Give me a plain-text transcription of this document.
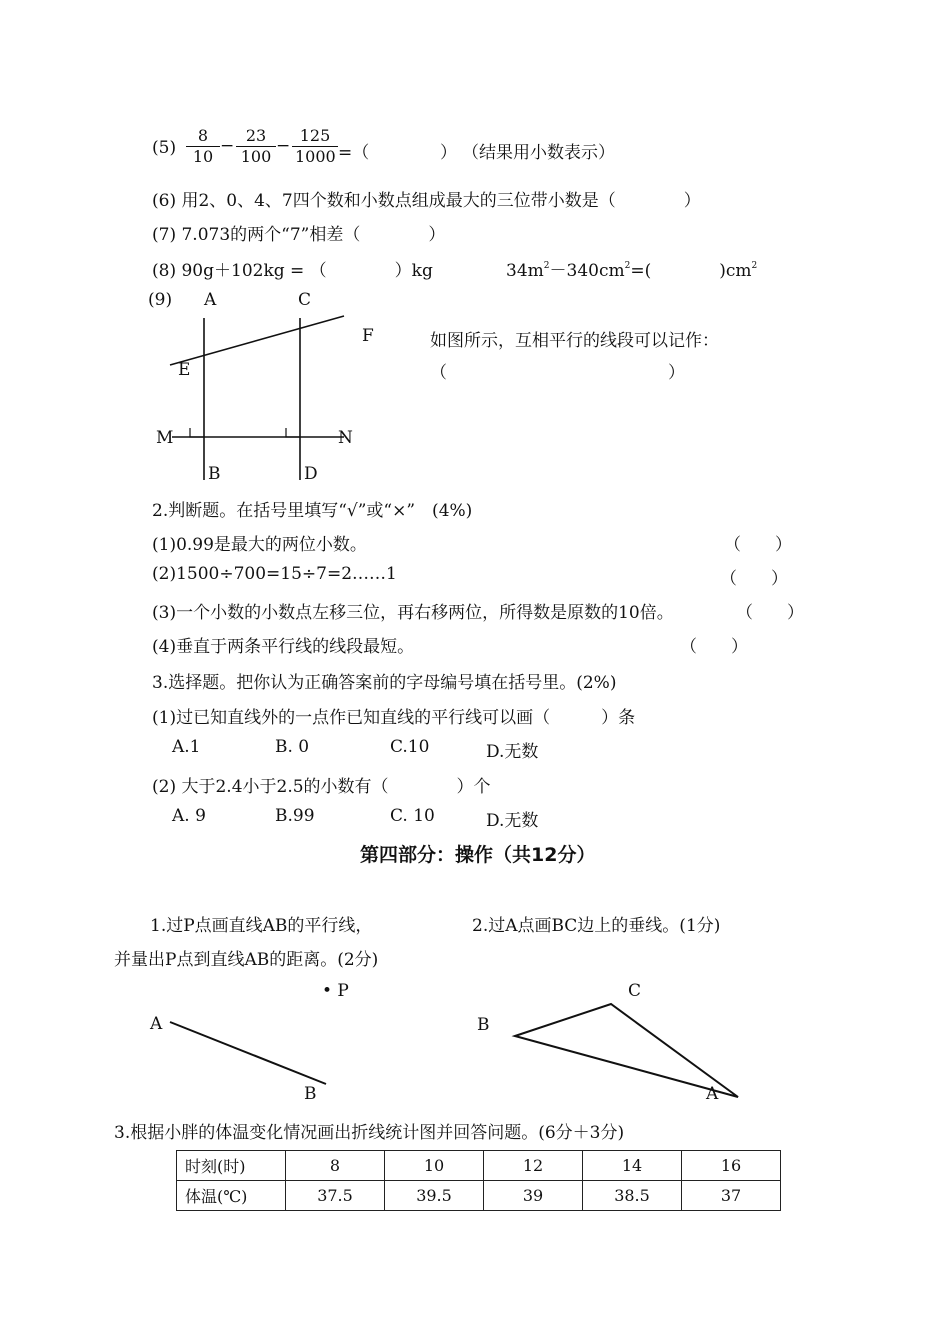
$(5) \frac{8}{10} - \frac{23}{100} - \frac{125}{1000}$ =（	） （结果用小数表示）
(6) 用2、0、4、7四个数和小数点组成最大的三位带小数是（　　　　）
(7) 7.073的两个“7”相差（　　　　）
(8) 90g＋102kg = （　　　　）kg	$34m^2-340cm^2=$(　　　　)$cm^2$
(9) A	C
F
E
M	N
B	D
如图所示，互相平行的线段可以记作：
（　　　　　　　　　　　　　）
2.判断题。在括号里填写“√”或“×”　(4%)
(1)0.99是最大的两位小数。	（　　）
(2)1500÷700=15÷7=2……1	（　　）
(3)一个小数的小数点左移三位，再右移两位，所得数是原数的10倍。	（　　）
(4)垂直于两条平行线的线段最短。	（　　）
3.选择题。把你认为正确答案前的字母编号填在括号里。(2%)
(1)过已知直线外的一点作已知直线的平行线可以画（　　　）条
A.1	B. 0	C.10	D.无数
(2) 大于2.4小于2.5的小数有（　　　　）个
A. 9	B.99	C. 10	D.无数
第四部分：操作（共12分）
1.过P点画直线AB的平行线，
并量出P点到直线AB的距离。(2分)
2.过A点画BC边上的垂线。(1分)
• P
A
B
B
C
A
3.根据小胖的体温变化情况画出折线统计图并回答问题。(6分＋3分)
时刻(时)	8	10	12	14	16
体温(℃)	37.5	39.5	39	38.5	37
